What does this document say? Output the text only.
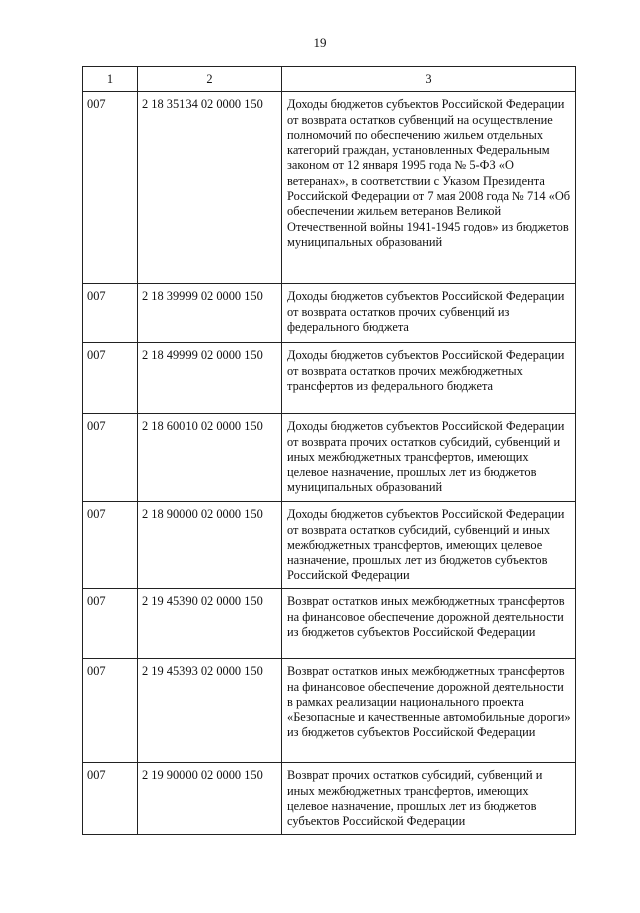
19
1	2	3
007	2 18 35134 02 0000 150	Доходы бюджетов субъектов Российской Федерации от возврата остатков субвенций на осуществление полномочий по обеспечению жильем отдельных категорий граждан, установленных Федеральным законом от 12 января 1995 года № 5-ФЗ «О ветеранах», в соответствии с Указом Президента Российской Федерации от 7 мая 2008 года № 714 «Об обеспечении жильем ветеранов Великой Отечественной войны 1941-1945 годов» из бюджетов муниципальных образований
007	2 18 39999 02 0000 150	Доходы бюджетов субъектов Российской Федерации от возврата остатков прочих субвенций из федерального бюджета
007	2 18 49999 02 0000 150	Доходы бюджетов субъектов Российской Федерации от возврата остатков прочих межбюджетных трансфертов из федерального бюджета
007	2 18 60010 02 0000 150	Доходы бюджетов субъектов Российской Федерации от возврата прочих остатков субсидий, субвенций и иных межбюджетных трансфертов, имеющих целевое назначение, прошлых лет из бюджетов муниципальных образований
007	2 18 90000 02 0000 150	Доходы бюджетов субъектов Российской Федерации от возврата остатков субсидий, субвенций и иных межбюджетных трансфертов, имеющих целевое назначение, прошлых лет из бюджетов субъектов Российской Федерации
007	2 19 45390 02 0000 150	Возврат остатков иных межбюджетных трансфертов на финансовое обеспечение дорожной деятельности из бюджетов субъектов Российской Федерации
007	2 19 45393 02 0000 150	Возврат остатков иных межбюджетных трансфертов на финансовое обеспечение дорожной деятельности в рамках реализации национального проекта «Безопасные и качественные автомобильные дороги» из бюджетов субъектов Российской Федерации
007	2 19 90000 02 0000 150	Возврат прочих остатков субсидий, субвенций и иных межбюджетных трансфертов, имеющих целевое назначение, прошлых лет из бюджетов субъектов Российской Федерации
